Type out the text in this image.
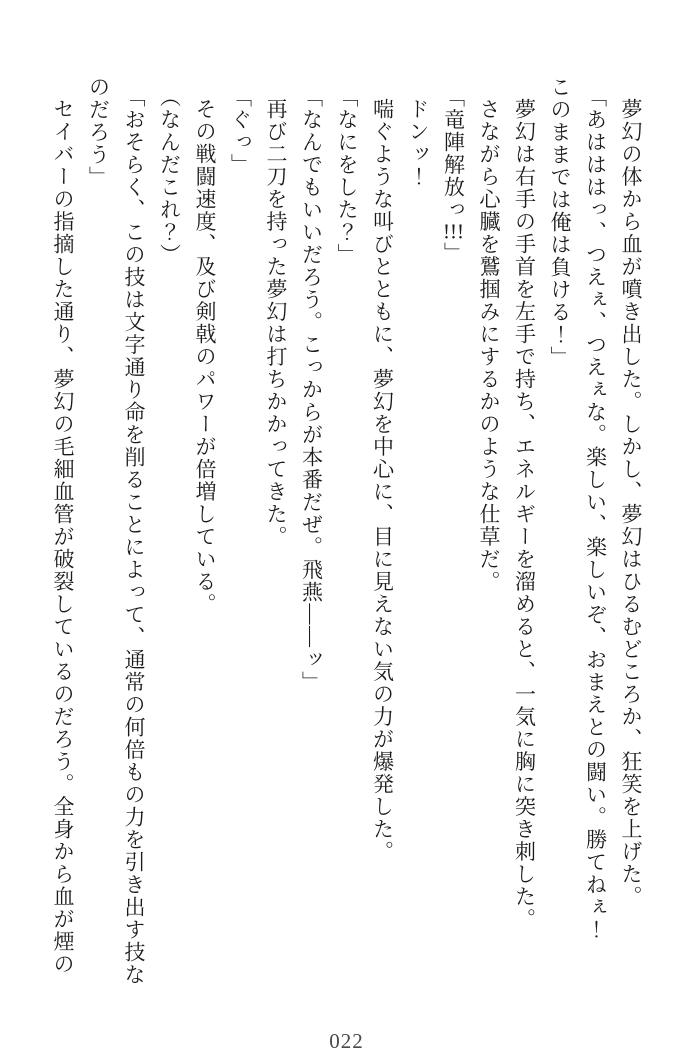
夢幻の体から血が噴き出した。しかし、夢幻はひるむどころか、狂笑を上げた。

「あはははっ、つえぇ、つえぇな。楽しい、楽しいぞ、おまえとの闘い。勝てねぇ！

このままでは俺は負ける！」

夢幻は右手の手首を左手で持ち、エネルギーを溜めると、一気に胸に突き刺した。

さながら心臓を鷲掴みにするかのような仕草だ。

「竜陣解放っ!!!」

ドンッ！

喘ぐような叫びとともに、夢幻を中心に、目に見えない気の力が爆発した。

「なにをした？」

「なんでもいいだろう。こっからが本番だぜ。飛燕――ッ」

再び二刀を持った夢幻は打ちかかってきた。

「ぐっ」

その戦闘速度、及び剣戟のパワーが倍増している。

（なんだこれ？）

「おそらく、この技は文字通り命を削ることによって、通常の何倍もの力を引き出す技な

のだろう」

セイバーの指摘した通り、夢幻の毛細血管が破裂しているのだろう。全身から血が煙の

022
